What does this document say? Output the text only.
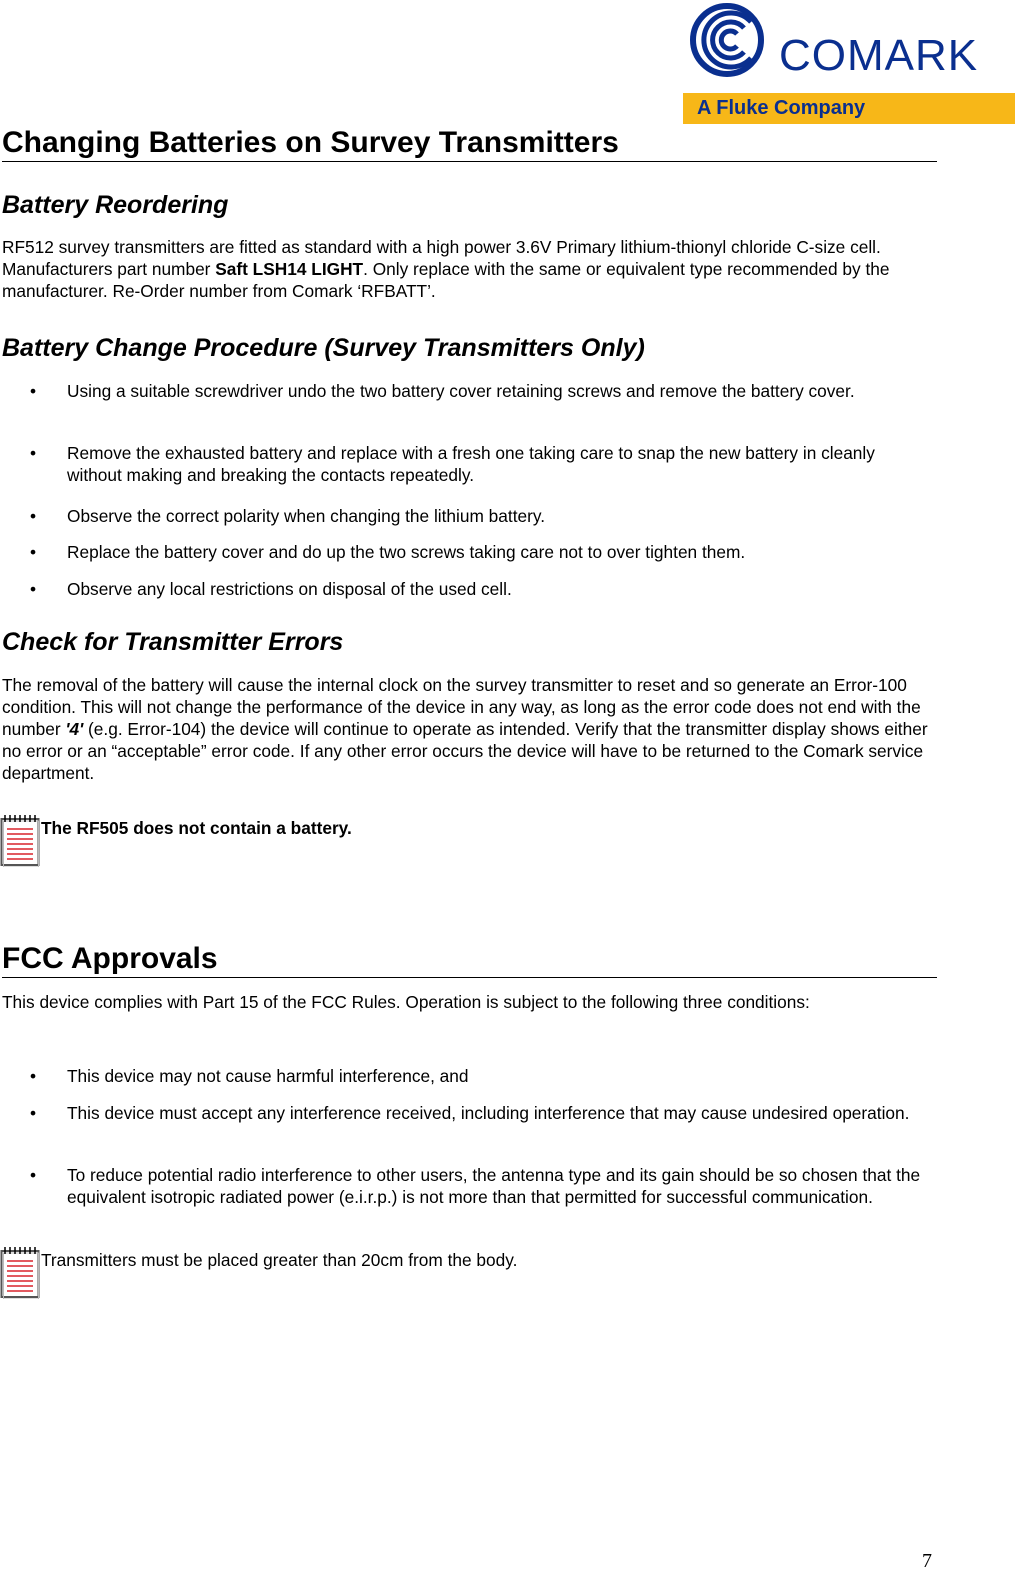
COMARK
A Fluke Company
Changing Batteries on Survey Transmitters
Battery Reordering

RF512 survey transmitters are fitted as standard with a high power 3.6V Primary lithium-thionyl chloride C-size cell. Manufacturers part number Saft LSH14 LIGHT. Only replace with the same or equivalent type recommended by the manufacturer. Re-Order number from Comark ‘RFBATT’.

Battery Change Procedure (Survey Transmitters Only)
• Using a suitable screwdriver undo the two battery cover retaining screws and remove the battery cover.
• Remove the exhausted battery and replace with a fresh one taking care to snap the new battery in cleanly without making and breaking the contacts repeatedly.
• Observe the correct polarity when changing the lithium battery.
• Replace the battery cover and do up the two screws taking care not to over tighten them.
• Observe any local restrictions on disposal of the used cell.
Check for Transmitter Errors

The removal of the battery will cause the internal clock on the survey transmitter to reset and so generate an Error-100 condition. This will not change the performance of the device in any way, as long as the error code does not end with the number '4' (e.g. Error-104) the device will continue to operate as intended. Verify that the transmitter display shows either no error or an “acceptable” error code. If any other error occurs the device will have to be returned to the Comark service department.

The RF505 does not contain a battery.
FCC Approvals

This device complies with Part 15 of the FCC Rules. Operation is subject to the following three conditions:

• This device may not cause harmful interference, and
• This device must accept any interference received, including interference that may cause undesired operation.
• To reduce potential radio interference to other users, the antenna type and its gain should be so chosen that the equivalent isotropic radiated power (e.i.r.p.) is not more than that permitted for successful communication.
Transmitters must be placed greater than 20cm from the body.
7
